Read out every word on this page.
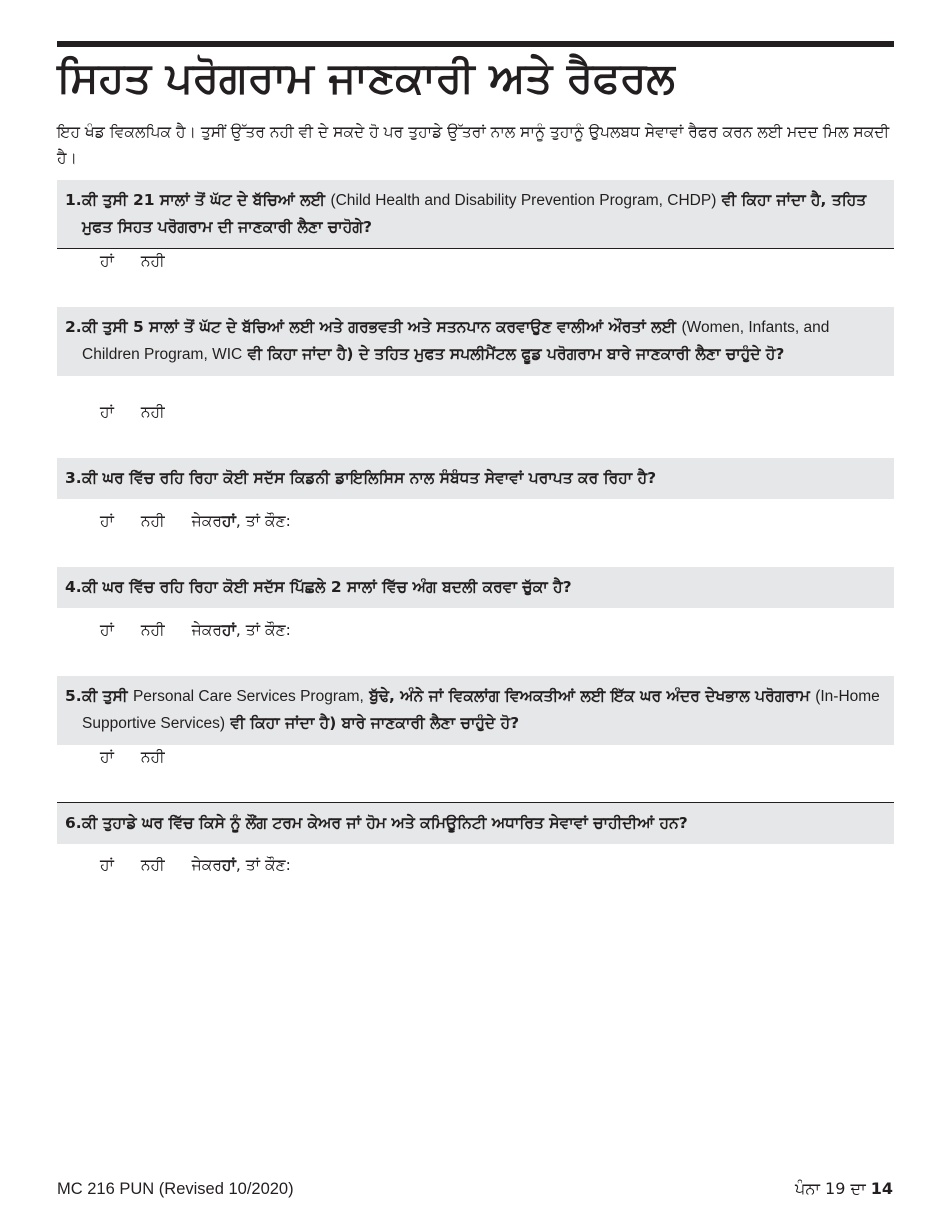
ਸਿਹਤ ਪਰੋਗਰਾਮ ਜਾਣਕਾਰੀ ਅਤੇ ਰੈਫਰਲ

ਇਹ ਖੰਡ ਵਿਕਲਪਿਕ ਹੈ। ਤੁਸੀਂ ਉੱਤਰ ਨਹੀ ਵੀ ਦੇ ਸਕਦੇ ਹੋ ਪਰ ਤੁਹਾਡੇ ਉੱਤਰਾਂ ਨਾਲ ਸਾਨੂੰ ਤੁਹਾਨੂੰ ਉਪਲਬਧ ਸੇਵਾਵਾਂ ਰੈਫਰ ਕਰਨ ਲਈ ਮਦਦ ਮਿਲ ਸਕਦੀ ਹੈ।

1. ਕੀ ਤੁਸੀ 21 ਸਾਲਾਂ ਤੋਂ ਘੱਟ ਦੇ ਬੱਚਿਆਂ ਲਈ (Child Health and Disability Prevention Program, CHDP) ਵੀ ਕਿਹਾ ਜਾਂਦਾ ਹੈ, ਤਹਿਤ ਮੁਫਤ ਸਿਹਤ ਪਰੋਗਰਾਮ ਦੀ ਜਾਣਕਾਰੀ ਲੈਣਾ ਚਾਹੋਗੇ?
ਹਾਂ ਨਹੀ
2. ਕੀ ਤੁਸੀ 5 ਸਾਲਾਂ ਤੋਂ ਘੱਟ ਦੇ ਬੱਚਿਆਂ ਲਈ ਅਤੇ ਗਰਭਵਤੀ ਅਤੇ ਸਤਨਪਾਨ ਕਰਵਾਉਣ ਵਾਲੀਆਂ ਔਰਤਾਂ ਲਈ (Women, Infants, and Children Program, WIC ਵੀ ਕਿਹਾ ਜਾਂਦਾ ਹੈ) ਦੇ ਤਹਿਤ ਮੁਫਤ ਸਪਲੀਮੈਂਟਲ ਫੂਡ ਪਰੋਗਰਾਮ ਬਾਰੇ ਜਾਣਕਾਰੀ ਲੈਣਾ ਚਾਹੁੰਦੇ ਹੋ?
ਹਾਂ ਨਹੀ
3. ਕੀ ਘਰ ਵਿੱਚ ਰਹਿ ਰਿਹਾ ਕੋਈ ਸਦੱਸ ਕਿਡਨੀ ਡਾਇਲਿਸਿਸ ਨਾਲ ਸੰਬੰਧਤ ਸੇਵਾਵਾਂ ਪਰਾਪਤ ਕਰ ਰਿਹਾ ਹੈ?
ਹਾਂ ਨਹੀ ਜੇਕਰਹਾਂ, ਤਾਂ ਕੌਣ:
4. ਕੀ ਘਰ ਵਿੱਚ ਰਹਿ ਰਿਹਾ ਕੋਈ ਸਦੱਸ ਪਿੱਛਲੇ 2 ਸਾਲਾਂ ਵਿੱਚ ਅੰਗ ਬਦਲੀ ਕਰਵਾ ਚੁੱਕਾ ਹੈ?
ਹਾਂ ਨਹੀ ਜੇਕਰਹਾਂ, ਤਾਂ ਕੌਣ:
5. ਕੀ ਤੁਸੀ Personal Care Services Program, ਬੁੱਢੇ, ਅੰਨੇ ਜਾਂ ਵਿਕਲਾਂਗ ਵਿਅਕਤੀਆਂ ਲਈ ਇੱਕ ਘਰ ਅੰਦਰ ਦੇਖਭਾਲ ਪਰੋਗਰਾਮ (In-Home Supportive Services) ਵੀ ਕਿਹਾ ਜਾਂਦਾ ਹੈ) ਬਾਰੇ ਜਾਣਕਾਰੀ ਲੈਣਾ ਚਾਹੁੰਦੇ ਹੋ?
ਹਾਂ ਨਹੀ
6. ਕੀ ਤੁਹਾਡੇ ਘਰ ਵਿੱਚ ਕਿਸੇ ਨੂੰ ਲੌਂਗ ਟਰਮ ਕੇਅਰ ਜਾਂ ਹੋਮ ਅਤੇ ਕਮਿਊਨਿਟੀ ਅਧਾਰਿਤ ਸੇਵਾਵਾਂ ਚਾਹੀਦੀਆਂ ਹਨ?
ਹਾਂ ਨਹੀ ਜੇਕਰਹਾਂ, ਤਾਂ ਕੌਣ:
MC 216 PUN (Revised 10/2020)	ਪੰਨਾ 19 ਦਾ 14
